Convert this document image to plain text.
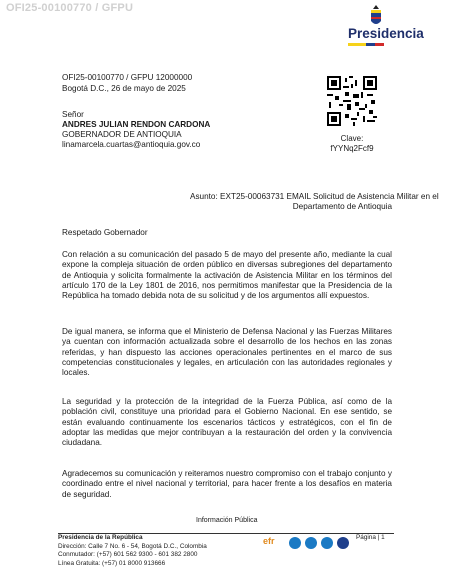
OFI25-00100770 / GFPU
Presidencia
OFI25-00100770 / GFPU 12000000
Bogotá D.C., 26 de mayo de 2025
Señor
ANDRES JULIAN RENDON CARDONA
GOBERNADOR DE ANTIOQUIA
linamarcela.cuartas@antioquia.gov.co
Clave:
fYYNq2Fcf9
Asunto: EXT25-00063731 EMAIL Solicitud de Asistencia Militar en el
Departamento de Antioquia
Respetado Gobernador
Con relación a su comunicación del pasado 5 de mayo del presente año, mediante la cual expone la compleja situación de orden público en diversas subregiones del departamento de Antioquia y solicita formalmente la activación de Asistencia Militar en los términos del artículo 170 de la Ley 1801 de 2016, nos permitimos manifestar que la Presidencia de la República ha tomado debida nota de su solicitud y de los argumentos allí expuestos.
De igual manera, se informa que el Ministerio de Defensa Nacional y las Fuerzas Militares ya cuentan con información actualizada sobre el desarrollo de los hechos en las zonas referidas, y han dispuesto las acciones operacionales pertinentes en el marco de sus competencias constitucionales y legales, en articulación con las autoridades regionales y locales.
La seguridad y la protección de la integridad de la Fuerza Pública, así como de la población civil, constituye una prioridad para el Gobierno Nacional. En ese sentido, se están evaluando continuamente los escenarios tácticos y estratégicos, con el fin de adoptar las medidas que mejor contribuyan a la restauración del orden y la convivencia ciudadana.
Agradecemos su comunicación y reiteramos nuestro compromiso con el trabajo conjunto y coordinado entre el nivel nacional y territorial, para hacer frente a los desafíos en materia de seguridad.
Información Pública
Presidencia de la República
Dirección: Calle 7 No. 6 - 54, Bogotá D.C., Colombia
Conmutador: (+57) 601 562 9300 - 601 382 2800
Línea Gratuita: (+57) 01 8000 913666
efr	Página | 1
